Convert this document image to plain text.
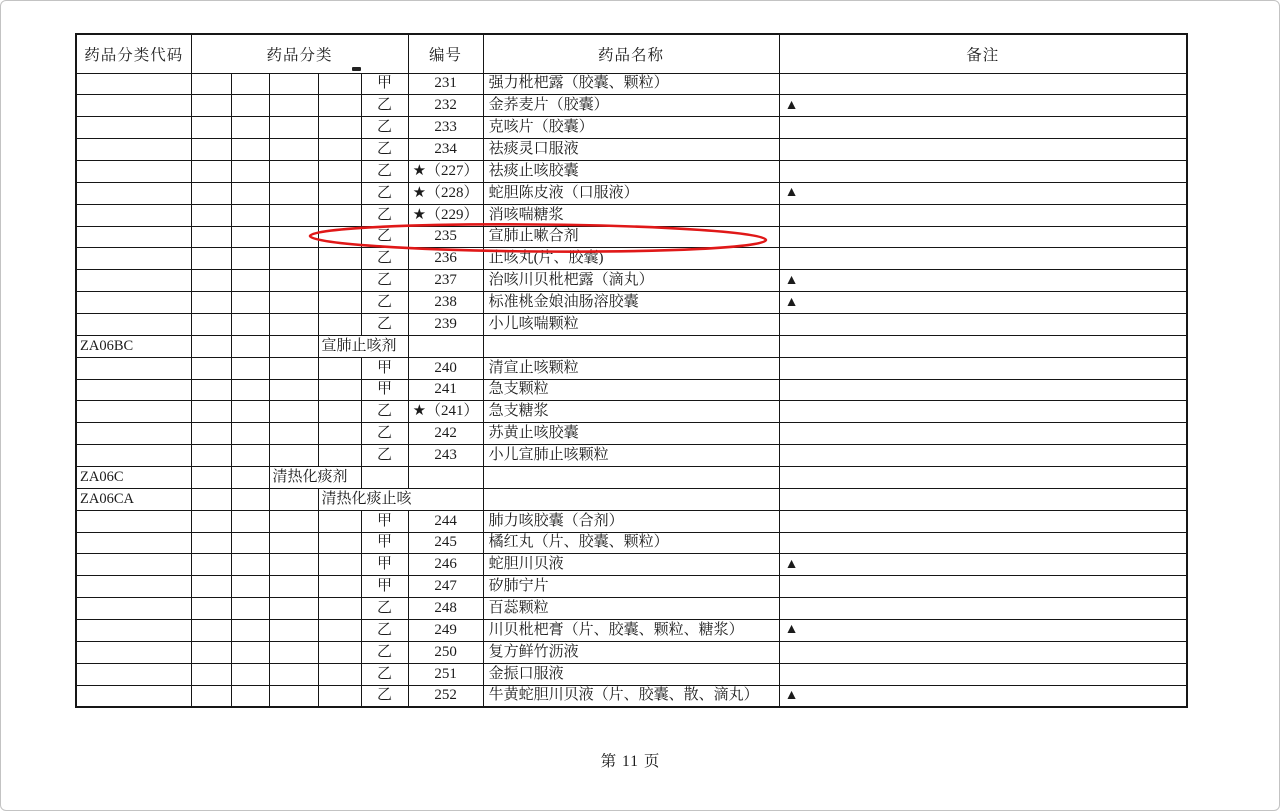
药品分类代码	药品分类					编号	药品名称	备注
					甲	231	强力枇杷露（胶囊、颗粒）	
					乙	232	金荞麦片（胶囊）	▲
					乙	233	克咳片（胶囊）	
					乙	234	祛痰灵口服液	
					乙	★（227）	祛痰止咳胶囊	
					乙	★（228）	蛇胆陈皮液（口服液）	▲
					乙	★（229）	消咳喘糖浆	
					乙	235	宣肺止嗽合剂	
					乙	236	止咳丸(片、胶囊)	
					乙	237	治咳川贝枇杷露（滴丸）	▲
					乙	238	标准桃金娘油肠溶胶囊	▲
					乙	239	小儿咳喘颗粒	
ZA06BC				宣肺止咳剂				
					甲	240	清宣止咳颗粒	
					甲	241	急支颗粒	
					乙	★（241）	急支糖浆	
					乙	242	苏黄止咳胶囊	
					乙	243	小儿宣肺止咳颗粒	
ZA06C			清热化痰剂					
ZA06CA				清热化痰止咳				
					甲	244	肺力咳胶囊（合剂）	
					甲	245	橘红丸（片、胶囊、颗粒）	
					甲	246	蛇胆川贝液	▲
					甲	247	矽肺宁片	
					乙	248	百蕊颗粒	
					乙	249	川贝枇杷膏（片、胶囊、颗粒、糖浆）	▲
					乙	250	复方鲜竹沥液	
					乙	251	金振口服液	
					乙	252	牛黄蛇胆川贝液（片、胶囊、散、滴丸）	▲
第 11 页
